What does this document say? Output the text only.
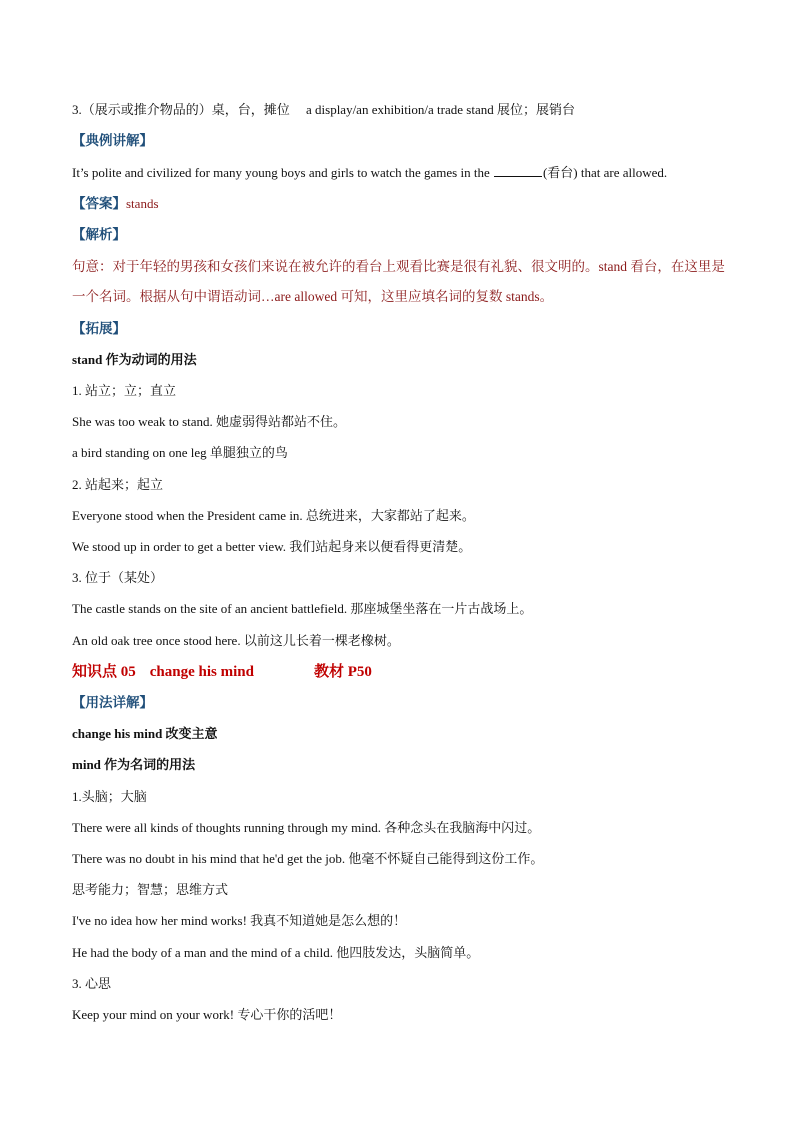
3.（展示或推介物品的）桌，台，摊位　 a display/an exhibition/a trade stand 展位；展销台
【典例讲解】
It’s polite and civilized for many young boys and girls to watch the games in the	(看台) that are allowed.
【答案】stands
【解析】
句意：对于年轻的男孩和女孩们来说在被允许的看台上观看比赛是很有礼貌、很文明的。stand 看台，在这里是一个名词。根据从句中谓语动词…are allowed 可知，这里应填名词的复数 stands。
【拓展】
stand 作为动词的用法
1. 站立；立；直立
She was too weak to stand. 她虚弱得站都站不住。
a bird standing on one leg 单腿独立的鸟
2. 站起来；起立
Everyone stood when the President came in. 总统进来，大家都站了起来。
We stood up in order to get a better view. 我们站起身来以便看得更清楚。
3. 位于（某处）
The castle stands on the site of an ancient battlefield. 那座城堡坐落在一片古战场上。
An old oak tree once stood here. 以前这儿长着一棵老橡树。
知识点 05 change his mind	教材 P50
【用法详解】
change his mind 改变主意
mind 作为名词的用法
1.头脑；大脑
There were all kinds of thoughts running through my mind. 各种念头在我脑海中闪过。
There was no doubt in his mind that he'd get the job. 他毫不怀疑自己能得到这份工作。
思考能力；智慧；思维方式
I've no idea how her mind works! 我真不知道她是怎么想的！
He had the body of a man and the mind of a child. 他四肢发达，头脑简单。
3. 心思
Keep your mind on your work! 专心干你的活吧！
